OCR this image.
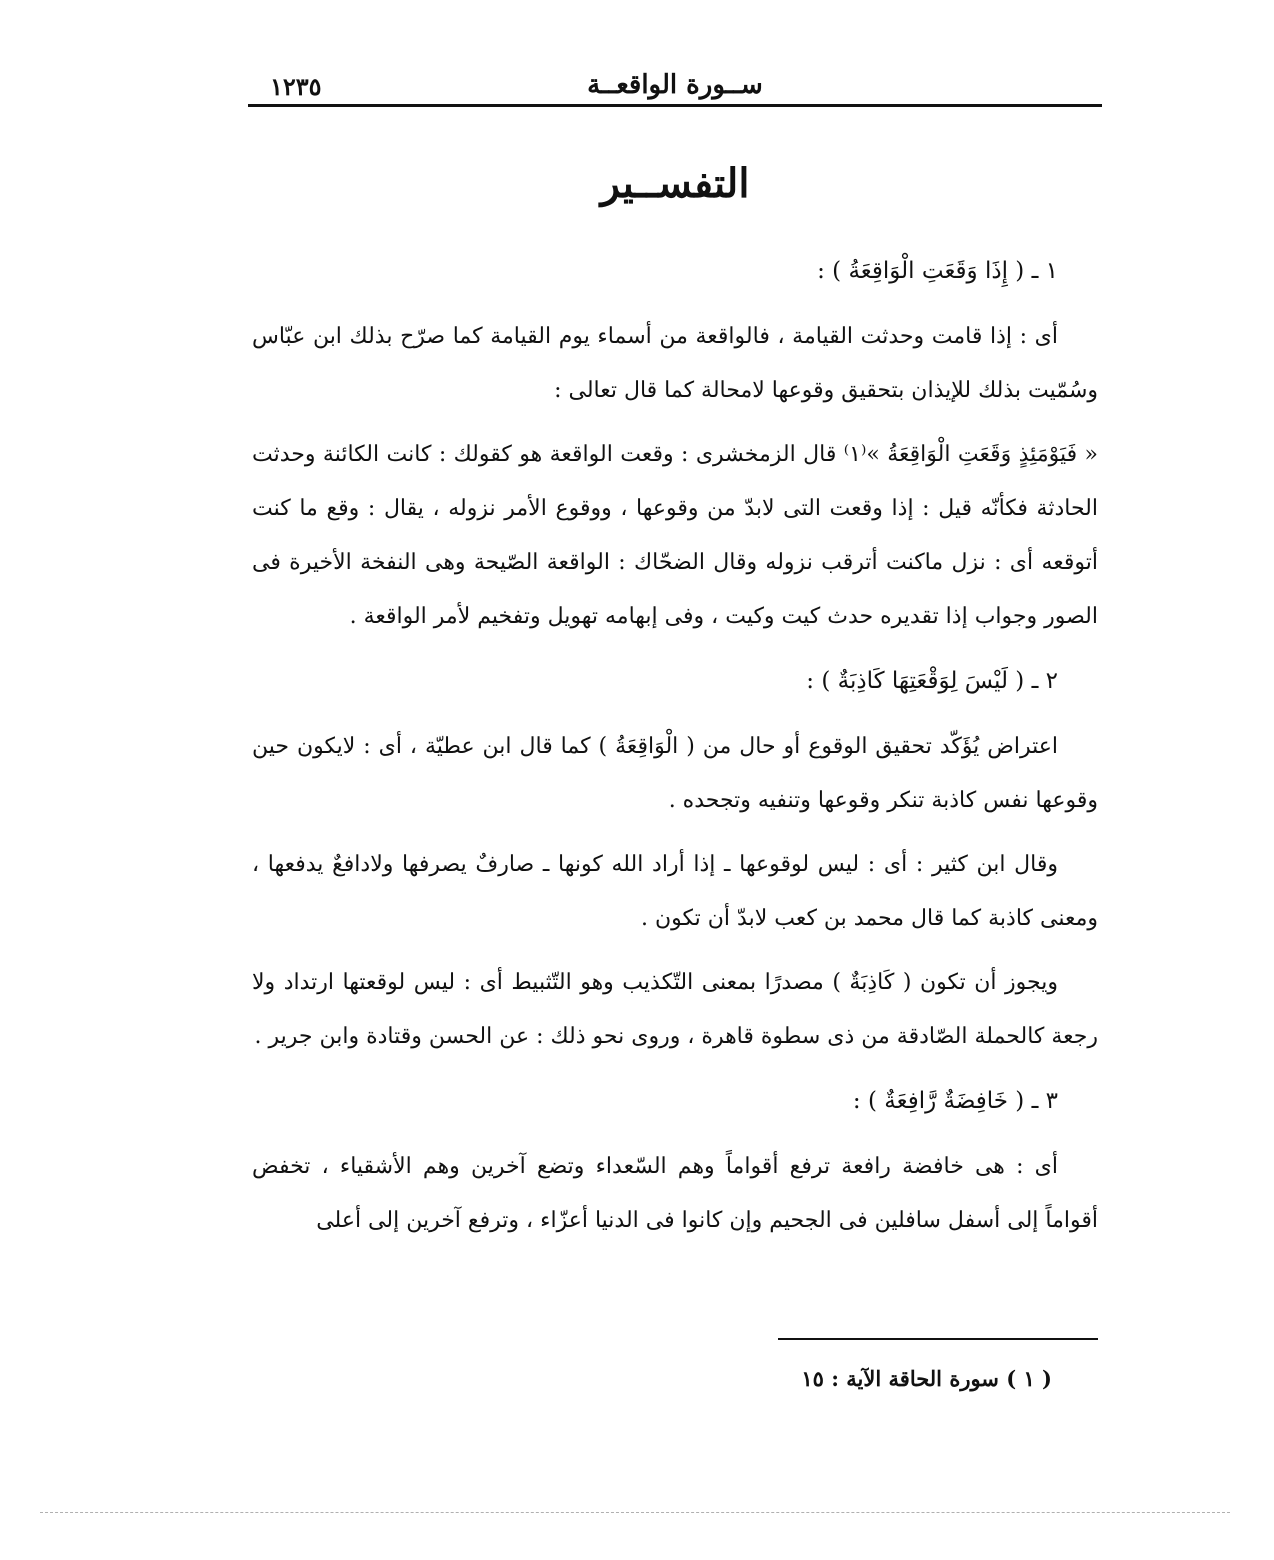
ســورة الواقعــة
١٢٣٥
التفســير
١ ـ ( إِذَا وَقَعَتِ الْوَاقِعَةُ ) :

أى : إذا قامت وحدثت القيامة ، فالواقعة من أسماء يوم القيامة كما صرّح بذلك ابن عبّاس وسُمّيت بذلك للإيذان بتحقيق وقوعها لامحالة كما قال تعالى :

« فَيَوْمَئِذٍ وَقَعَتِ الْوَاقِعَةُ »⁽١⁾ قال الزمخشرى : وقعت الواقعة هو كقولك : كانت الكائنة وحدثت الحادثة فكأنّه قيل : إذا وقعت التى لابدّ من وقوعها ، ووقوع الأمر نزوله ، يقال : وقع ما كنت أتوقعه أى : نزل ماكنت أترقب نزوله وقال الضحّاك : الواقعة الصّيحة وهى النفخة الأخيرة فى الصور وجواب إذا تقديره حدث كيت وكيت ، وفى إبهامه تهويل وتفخيم لأمر الواقعة .

٢ ـ ( لَيْسَ لِوَقْعَتِهَا كَاذِبَةٌ ) :

اعتراض يُؤَكّد تحقيق الوقوع أو حال من ( الْوَاقِعَةُ ) كما قال ابن عطيّة ، أى : لايكون حين وقوعها نفس كاذبة تنكر وقوعها وتنفيه وتجحده .

وقال ابن كثير : أى : ليس لوقوعها ـ إذا أراد الله كونها ـ صارفٌ يصرفها ولادافعٌ يدفعها ، ومعنى كاذبة كما قال محمد بن كعب لابدّ أن تكون .

ويجوز أن تكون ( كَاذِبَةٌ ) مصدرًا بمعنى التّكذيب وهو التّثبيط أى : ليس لوقعتها ارتداد ولا رجعة كالحملة الصّادقة من ذى سطوة قاهرة ، وروى نحو ذلك : عن الحسن وقتادة وابن جرير .

٣ ـ ( خَافِضَةٌ رَّافِعَةٌ ) :

أى : هى خافضة رافعة ترفع أقواماً وهم السّعداء وتضع آخرين وهم الأشقياء ، تخفض أقواماً إلى أسفل سافلين فى الجحيم وإن كانوا فى الدنيا أعزّاء ، وترفع آخرين إلى أعلى

( ١ ) سورة الحاقة الآية : ١٥
